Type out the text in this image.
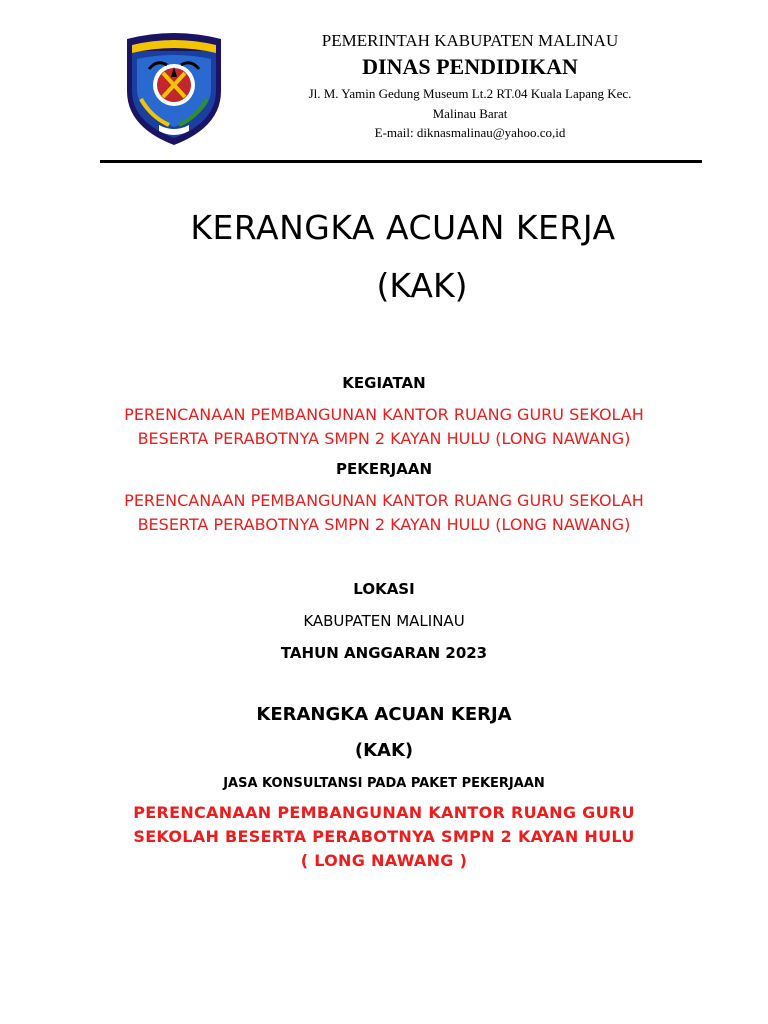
PEMERINTAH KABUPATEN MALINAU
DINAS PENDIDIKAN
Jl. M. Yamin Gedung Museum Lt.2 RT.04 Kuala Lapang Kec.
Malinau Barat
E-mail: diknasmalinau@yahoo.co,id
KERANGKA ACUAN KERJA
(KAK)
KEGIATAN
PERENCANAAN PEMBANGUNAN KANTOR RUANG GURU SEKOLAH
BESERTA PERABOTNYA SMPN 2 KAYAN HULU (LONG NAWANG)
PEKERJAAN
PERENCANAAN PEMBANGUNAN KANTOR RUANG GURU SEKOLAH
BESERTA PERABOTNYA SMPN 2 KAYAN HULU (LONG NAWANG)
LOKASI
KABUPATEN MALINAU
TAHUN ANGGARAN 2023
KERANGKA ACUAN KERJA
(KAK)
JASA KONSULTANSI PADA PAKET PEKERJAAN
PERENCANAAN PEMBANGUNAN KANTOR RUANG GURU
SEKOLAH BESERTA PERABOTNYA SMPN 2 KAYAN HULU
( LONG NAWANG )
